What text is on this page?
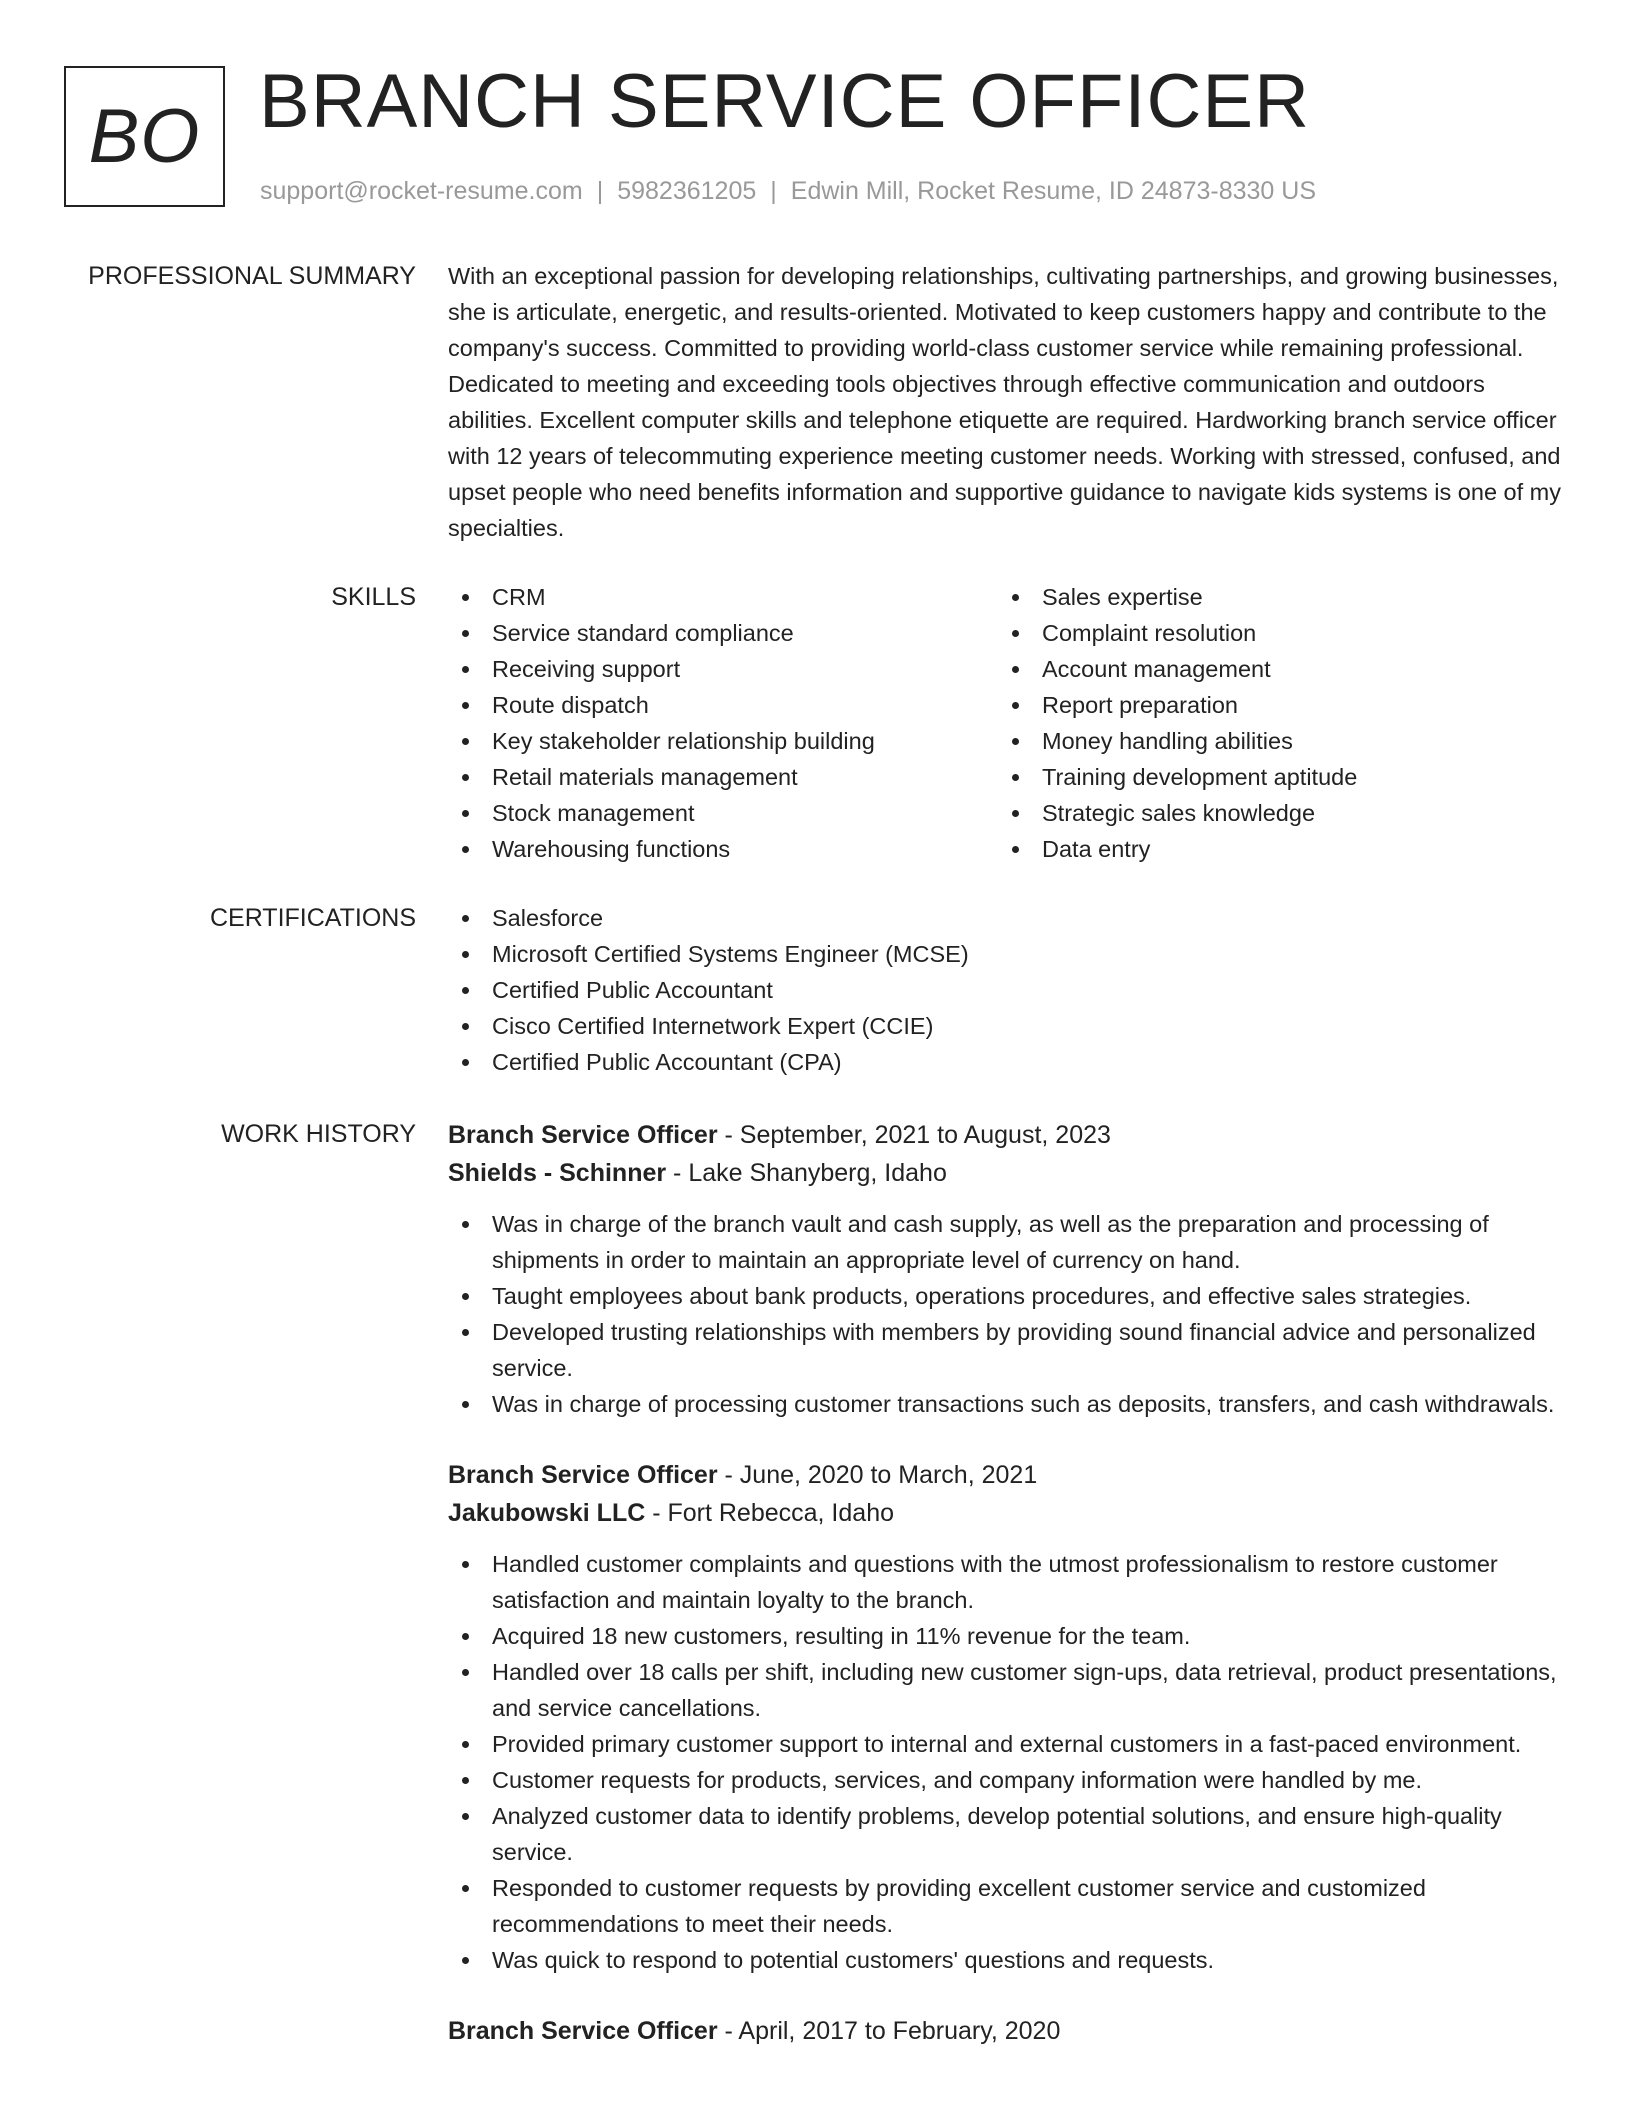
BO BRANCH SERVICE OFFICER
support@rocket-resume.com | 5982361205 | Edwin Mill, Rocket Resume, ID 24873-8330 US
PROFESSIONAL SUMMARY With an exceptional passion for developing relationships, cultivating partnerships, and growing businesses, she is articulate, energetic, and results-oriented. Motivated to keep customers happy and contribute to the company's success. Committed to providing world-class customer service while remaining professional. Dedicated to meeting and exceeding tools objectives through effective communication and outdoors abilities. Excellent computer skills and telephone etiquette are required. Hardworking branch service officer with 12 years of telecommuting experience meeting customer needs. Working with stressed, confused, and upset people who need benefits information and supportive guidance to navigate kids systems is one of my specialties.

SKILLS	CRM
Service standard compliance
Receiving support
Route dispatch
Key stakeholder relationship building
Retail materials management
Stock management
Warehousing functions
Sales expertise
Complaint resolution
Account management
Report preparation
Money handling abilities
Training development aptitude
Strategic sales knowledge
Data entry
CERTIFICATIONS	Salesforce
Microsoft Certified Systems Engineer (MCSE)
Certified Public Accountant
Cisco Certified Internetwork Expert (CCIE)
Certified Public Accountant (CPA)
WORK HISTORY Branch Service Officer - September, 2021 to August, 2023
Shields - Schinner - Lake Shanyberg, Idaho
Was in charge of the branch vault and cash supply, as well as the preparation and processing of shipments in order to maintain an appropriate level of currency on hand.
Taught employees about bank products, operations procedures, and effective sales strategies.
Developed trusting relationships with members by providing sound financial advice and personalized service.
Was in charge of processing customer transactions such as deposits, transfers, and cash withdrawals.
Branch Service Officer - June, 2020 to March, 2021
Jakubowski LLC - Fort Rebecca, Idaho
Handled customer complaints and questions with the utmost professionalism to restore customer satisfaction and maintain loyalty to the branch.
Acquired 18 new customers, resulting in 11% revenue for the team.
Handled over 18 calls per shift, including new customer sign-ups, data retrieval, product presentations, and service cancellations.
Provided primary customer support to internal and external customers in a fast-paced environment.
Customer requests for products, services, and company information were handled by me.
Analyzed customer data to identify problems, develop potential solutions, and ensure high-quality service.
Responded to customer requests by providing excellent customer service and customized recommendations to meet their needs.
Was quick to respond to potential customers' questions and requests.
Branch Service Officer - April, 2017 to February, 2020
